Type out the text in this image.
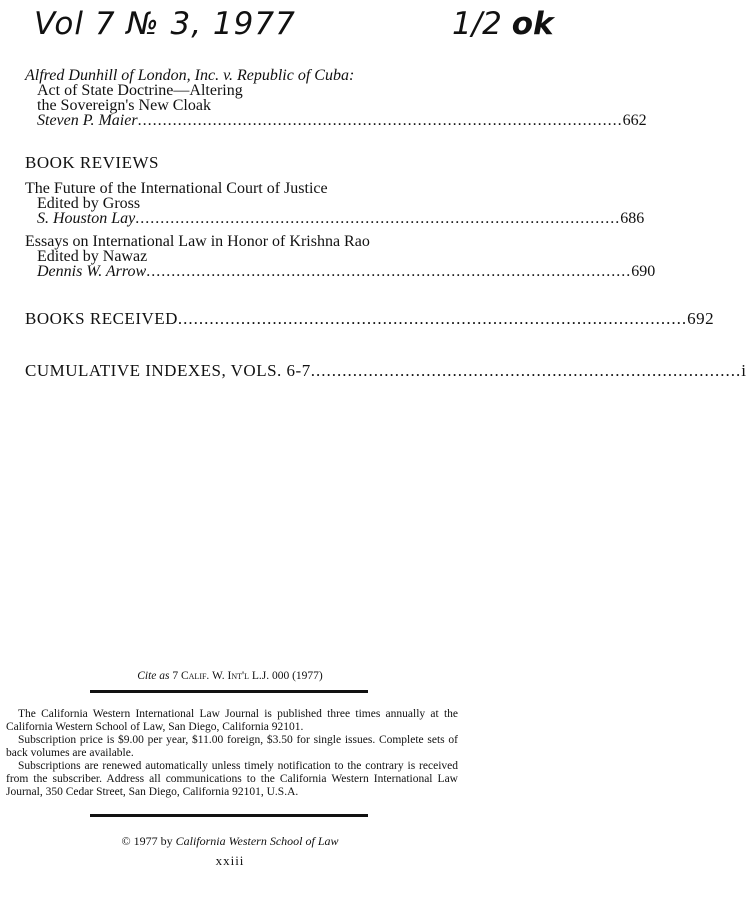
Vol 7 № 3, 1977	1/2 ok
Alfred Dunhill of London, Inc. v. Republic of Cuba:
Act of State Doctrine—Altering
the Sovereign's New Cloak
Steven P. Maier ................................................................................................. 662
BOOK REVIEWS
The Future of the International Court of Justice
Edited by Gross
S. Houston Lay ................................................................................................. 686
Essays on International Law in Honor of Krishna Rao
Edited by Nawaz
Dennis W. Arrow ................................................................................................. 690
BOOKS RECEIVED ................................................................................................. 692
CUMULATIVE INDEXES, VOLS. 6-7 .................................................................................. i
Cite as 7 Calif. W. Int'l L.J. 000 (1977)

The California Western International Law Journal is published three times annually at the California Western School of Law, San Diego, California 92101.

Subscription price is $9.00 per year, $11.00 foreign, $3.50 for single issues. Complete sets of back volumes are available.

Subscriptions are renewed automatically unless timely notification to the contrary is received from the subscriber. Address all communications to the California Western International Law Journal, 350 Cedar Street, San Diego, California 92101, U.S.A.

© 1977 by California Western School of Law
xxiii
